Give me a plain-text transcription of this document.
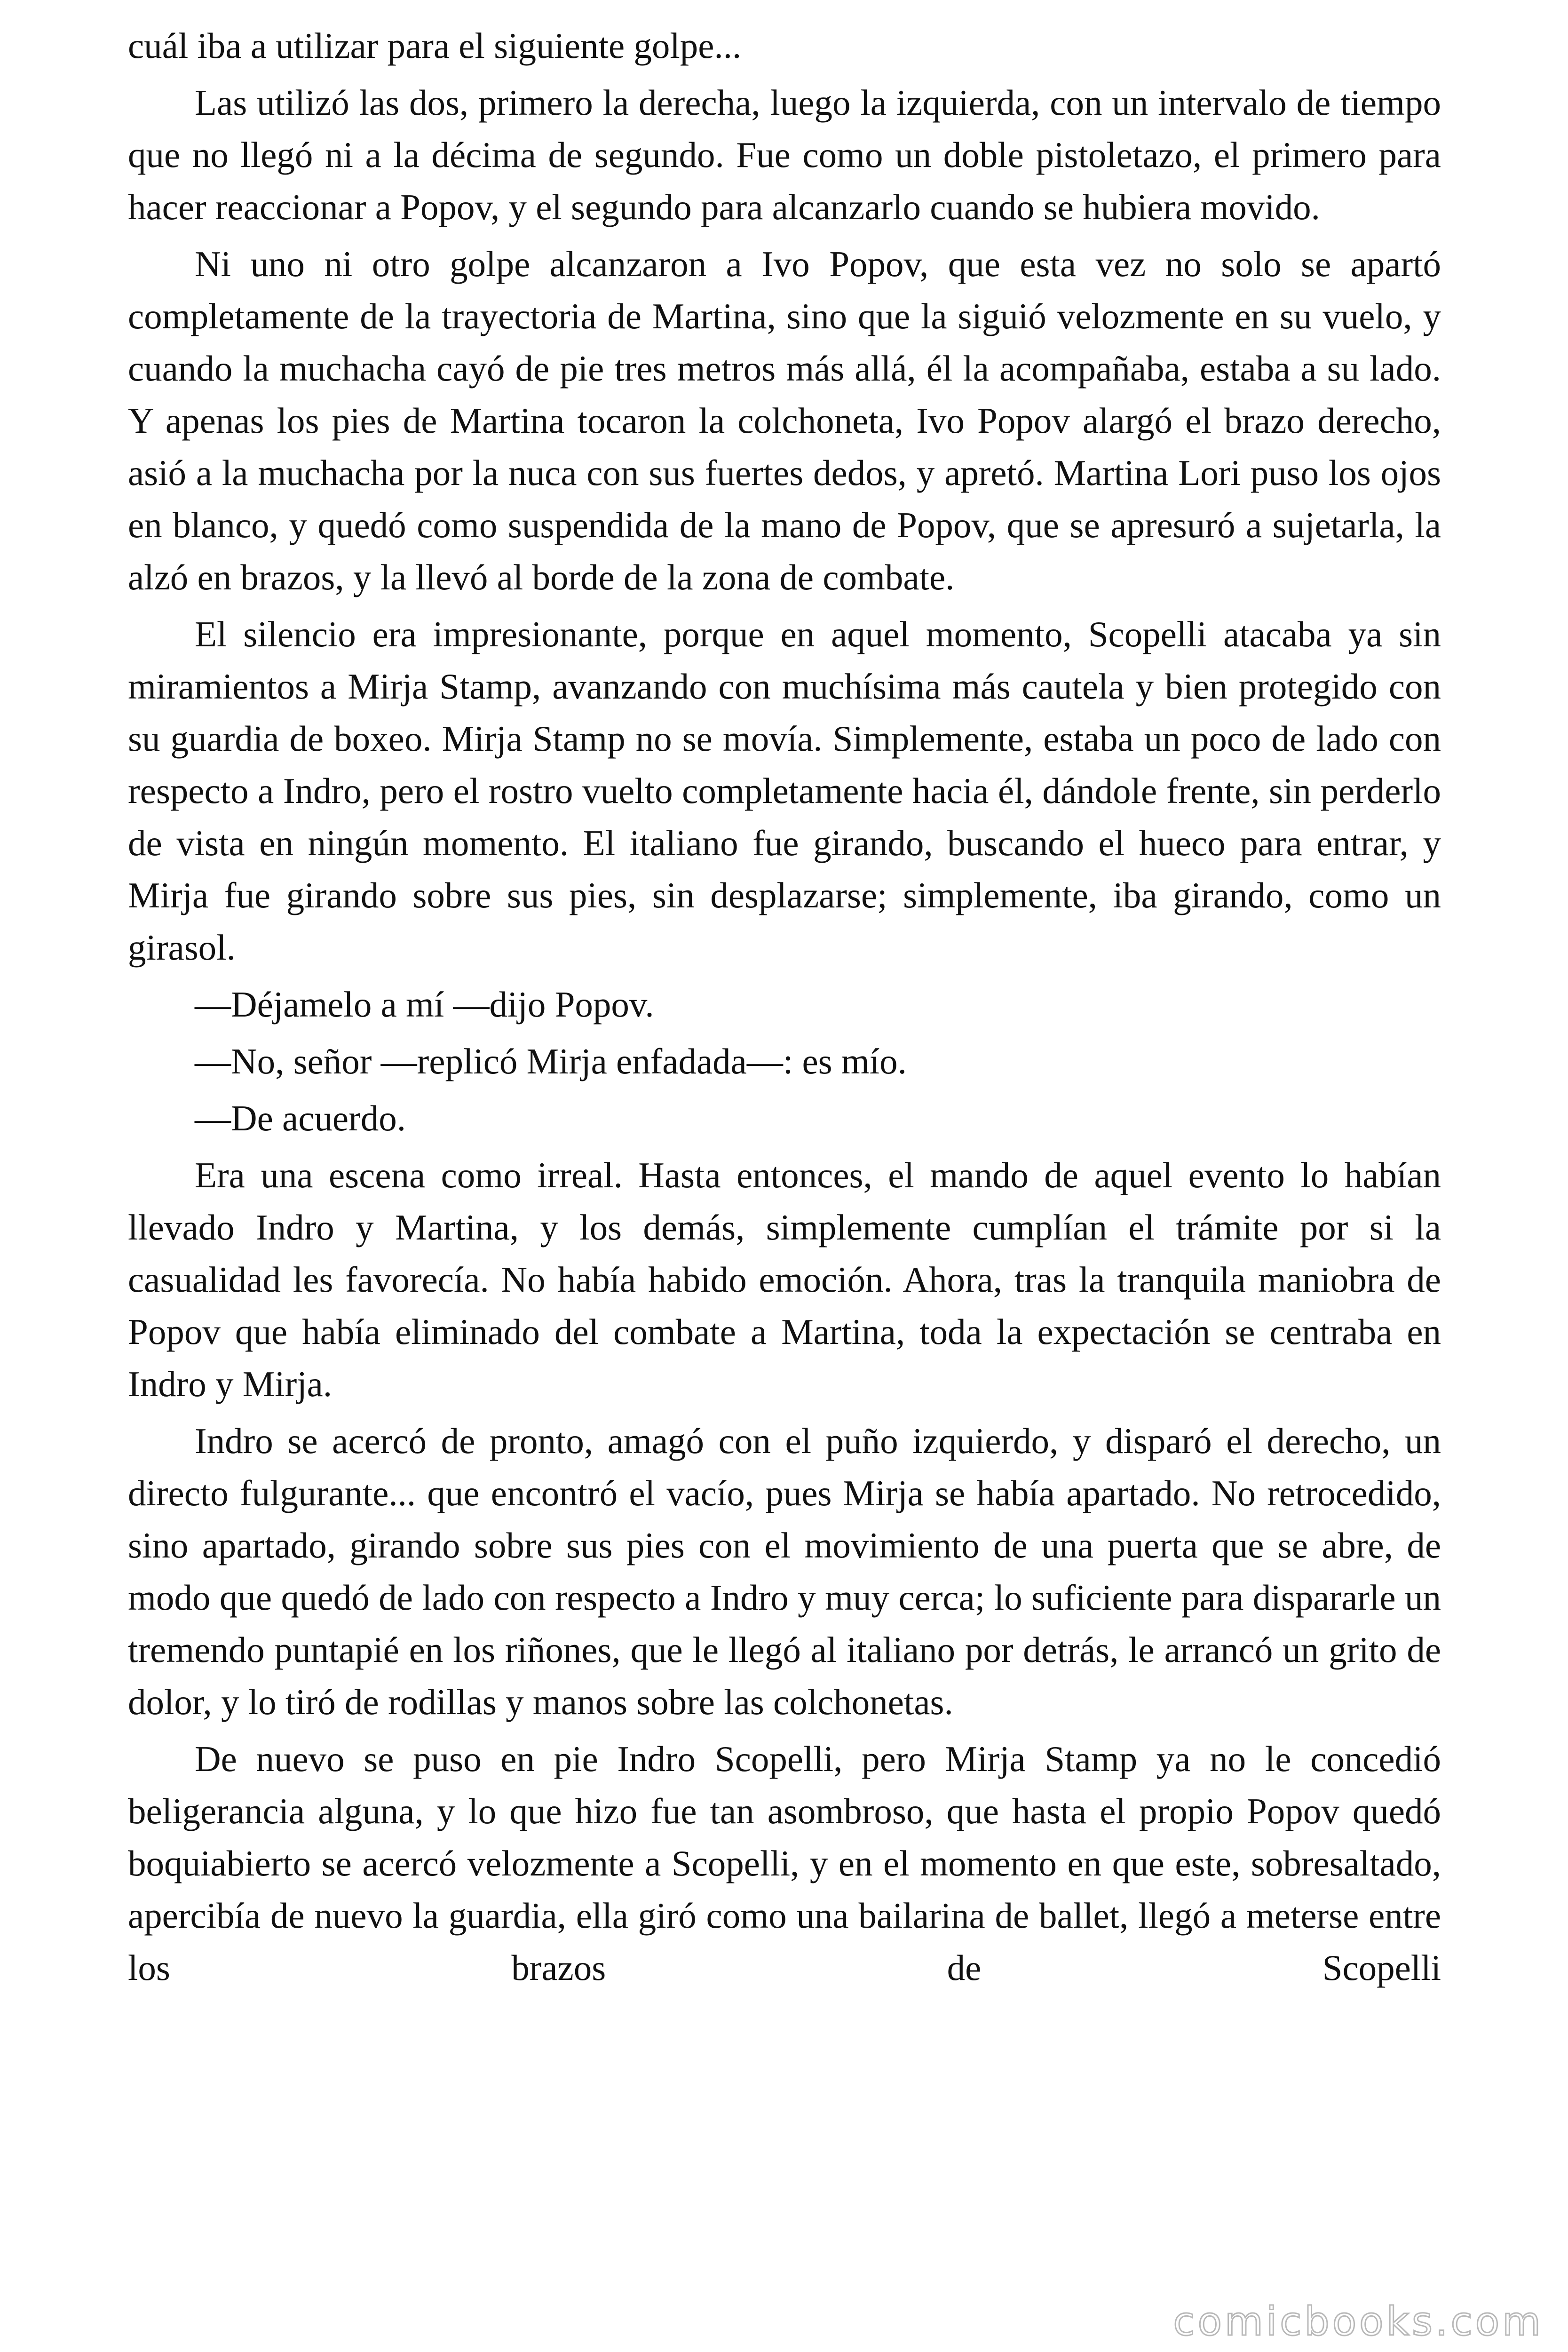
cuál iba a utilizar para el siguiente golpe...

Las utilizó las dos, primero la derecha, luego la izquierda, con un intervalo de tiempo que no llegó ni a la décima de segundo. Fue como un doble pistoletazo, el primero para hacer reaccionar a Popov, y el segundo para alcanzarlo cuando se hubiera movido.

Ni uno ni otro golpe alcanzaron a Ivo Popov, que esta vez no solo se apartó completamente de la trayectoria de Martina, sino que la siguió velozmente en su vuelo, y cuando la muchacha cayó de pie tres metros más allá, él la acompañaba, estaba a su lado. Y apenas los pies de Martina tocaron la colchoneta, Ivo Popov alargó el brazo derecho, asió a la muchacha por la nuca con sus fuertes dedos, y apretó. Martina Lori puso los ojos en blanco, y quedó como suspendida de la mano de Popov, que se apresuró a sujetarla, la alzó en brazos, y la llevó al borde de la zona de combate.

El silencio era impresionante, porque en aquel momento, Scopelli atacaba ya sin miramientos a Mirja Stamp, avanzando con muchísima más cautela y bien protegido con su guardia de boxeo. Mirja Stamp no se movía. Simplemente, estaba un poco de lado con respecto a Indro, pero el rostro vuelto completamente hacia él, dándole frente, sin perderlo de vista en ningún momento. El italiano fue girando, buscando el hueco para entrar, y Mirja fue girando sobre sus pies, sin desplazarse; simplemente, iba girando, como un girasol.

—Déjamelo a mí —dijo Popov.

—No, señor —replicó Mirja enfadada—: es mío.

—De acuerdo.

Era una escena como irreal. Hasta entonces, el mando de aquel evento lo habían llevado Indro y Martina, y los demás, simplemente cumplían el trámite por si la casualidad les favorecía. No había habido emoción. Ahora, tras la tranquila maniobra de Popov que había eliminado del combate a Martina, toda la expectación se centraba en Indro y Mirja.

Indro se acercó de pronto, amagó con el puño izquierdo, y disparó el derecho, un directo fulgurante... que encontró el vacío, pues Mirja se había apartado. No retrocedido, sino apartado, girando sobre sus pies con el movimiento de una puerta que se abre, de modo que quedó de lado con respecto a Indro y muy cerca; lo suficiente para dispararle un tremendo puntapié en los riñones, que le llegó al italiano por detrás, le arrancó un grito de dolor, y lo tiró de rodillas y manos sobre las colchonetas.

De nuevo se puso en pie Indro Scopelli, pero Mirja Stamp ya no le concedió beligerancia alguna, y lo que hizo fue tan asombroso, que hasta el propio Popov quedó boquiabierto se acercó velozmente a Scopelli, y en el momento en que este, sobresaltado, apercibía de nuevo la guardia, ella giró como una bailarina de ballet, llegó a meterse entre los brazos de Scopelli

comicbooks.com
